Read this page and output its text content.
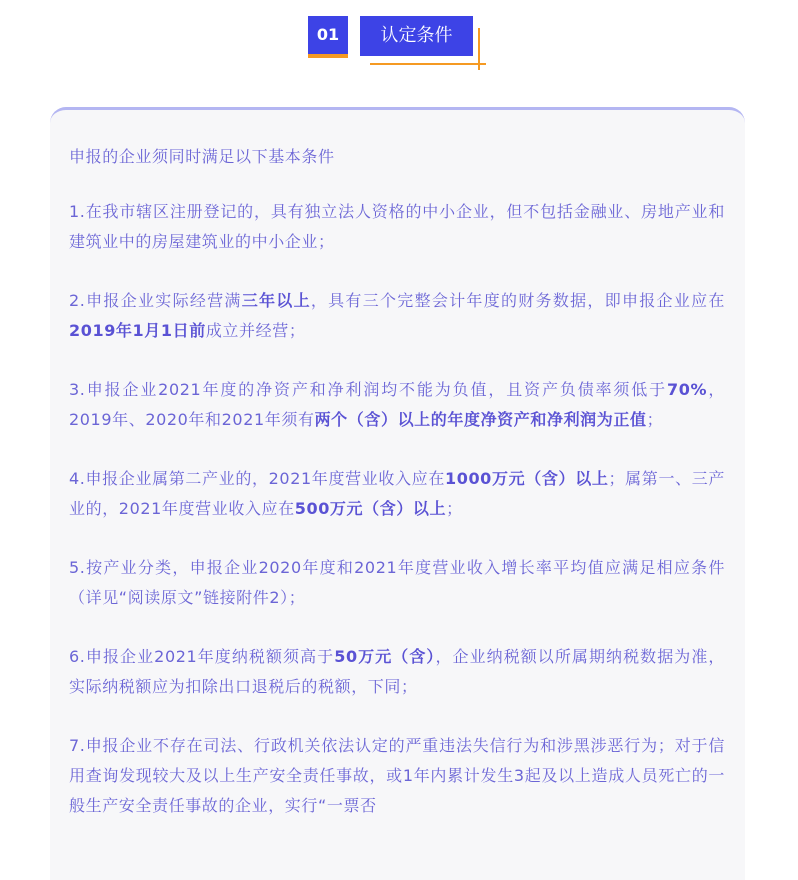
01	认定条件

申报的企业须同时满足以下基本条件

1.在我市辖区注册登记的，具有独立法人资格的中小企业，但不包括金融业、房地产业和建筑业中的房屋建筑业的中小企业；

2.申报企业实际经营满三年以上，具有三个完整会计年度的财务数据，即申报企业应在2019年1月1日前成立并经营；

3.申报企业2021年度的净资产和净利润均不能为负值，且资产负债率须低于70%，2019年、2020年和2021年须有两个（含）以上的年度净资产和净利润为正值；

4.申报企业属第二产业的，2021年度营业收入应在1000万元（含）以上；属第一、三产业的，2021年度营业收入应在500万元（含）以上；

5.按产业分类，申报企业2020年度和2021年度营业收入增长率平均值应满足相应条件（详见“阅读原文”链接附件2）；

6.申报企业2021年度纳税额须高于50万元（含），企业纳税额以所属期纳税数据为准，实际纳税额应为扣除出口退税后的税额，下同；

7.申报企业不存在司法、行政机关依法认定的严重违法失信行为和涉黑涉恶行为；对于信用查询发现较大及以上生产安全责任事故，或1年内累计发生3起及以上造成人员死亡的一般生产安全责任事故的企业，实行“一票否
